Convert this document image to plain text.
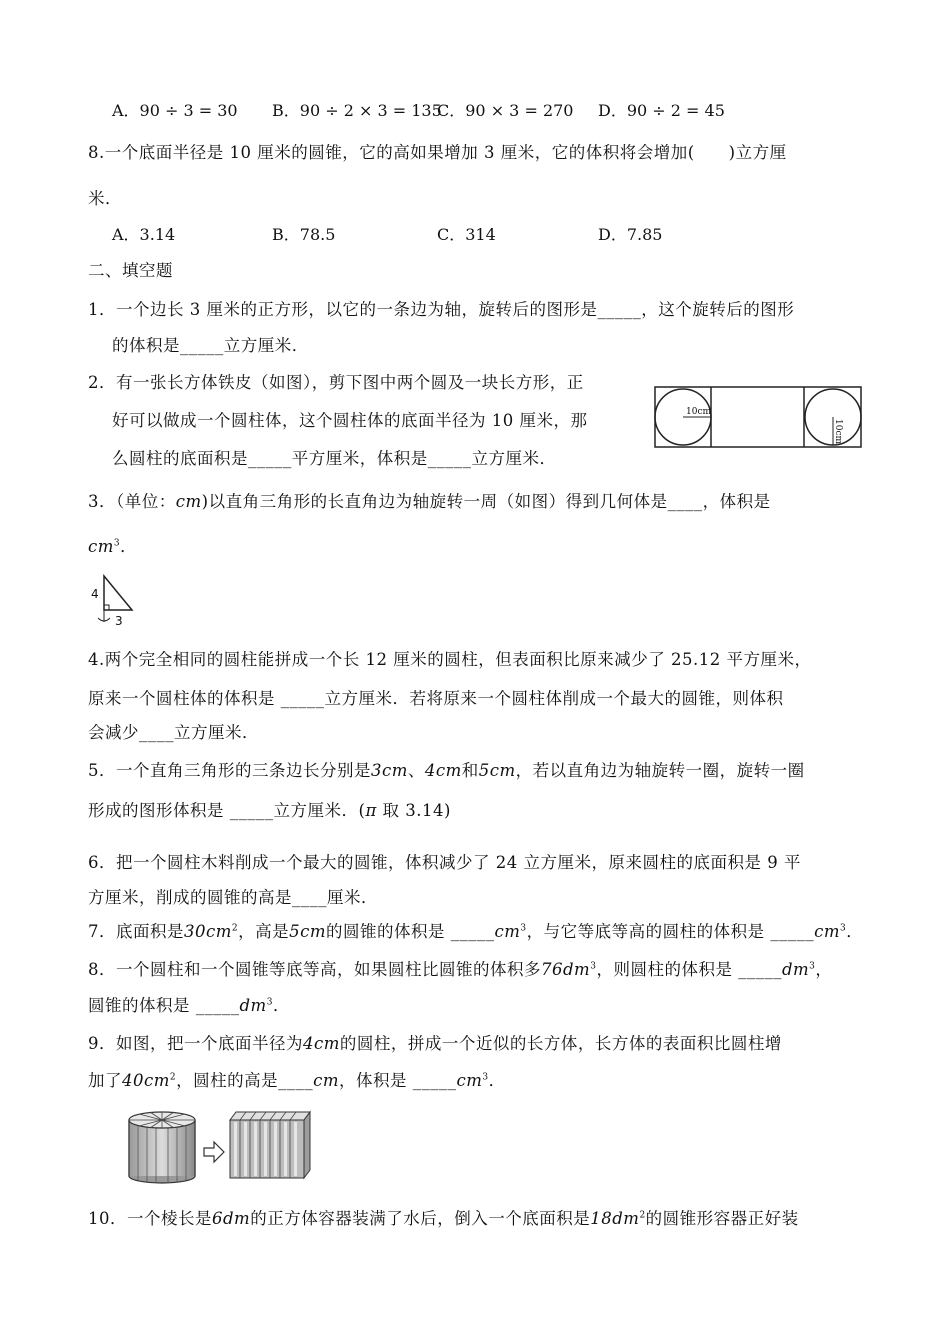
A．90 ÷ 3 = 30 B．90 ÷ 2 × 3 = 135
C．90 × 3 = 270 D．90 ÷ 2 = 45
8.一个底面半径是 10 厘米的圆锥，它的高如果增加 3 厘米，它的体积将会增加(　　)立方厘
米．
A．3.14	B．78.5	C．314	D．7.85
二、填空题
1．一个边长 3 厘米的正方形，以它的一条边为轴，旋转后的图形是_____，这个旋转后的图形
的体积是_____立方厘米．
2．有一张长方体铁皮（如图），剪下图中两个圆及一块长方形，正
好可以做成一个圆柱体，这个圆柱体的底面半径为 10 厘米，那
么圆柱的底面积是_____平方厘米，体积是_____立方厘米．
10cm
10cm
3．（单位：cm)以直角三角形的长直角边为轴旋转一周（如图）得到几何体是____，体积是
$cm^3$．
4
3
4.两个完全相同的圆柱能拼成一个长 12 厘米的圆柱，但表面积比原来减少了 25.12 平方厘米，
原来一个圆柱体的体积是 _____立方厘米．若将原来一个圆柱体削成一个最大的圆锥，则体积
会减少____立方厘米．
5．一个直角三角形的三条边长分别是3cm、4cm和5cm，若以直角边为轴旋转一圈，旋转一圈
形成的图形体积是 _____立方厘米．(π 取 3.14)
6．把一个圆柱木料削成一个最大的圆锥，体积减少了 24 立方厘米，原来圆柱的底面积是 9 平
方厘米，削成的圆锥的高是____厘米．
7．底面积是$30cm^2$，高是5cm的圆锥的体积是 $\_\_\_\_\_cm^3$，与它等底等高的圆柱的体积是 $\_\_\_\_\_cm^3$．
8．一个圆柱和一个圆锥等底等高，如果圆柱比圆锥的体积多$76dm^3$，则圆柱的体积是 $\_\_\_\_\_dm^3$，
圆锥的体积是 $\_\_\_\_\_dm^3$．
9．如图，把一个底面半径为4cm的圆柱，拼成一个近似的长方体，长方体的表面积比圆柱增
加了$40cm^2$，圆柱的高是____cm，体积是 $\_\_\_\_\_cm^3$．
10．一个棱长是6dm的正方体容器装满了水后，倒入一个底面积是$18dm^2$的圆锥形容器正好装
